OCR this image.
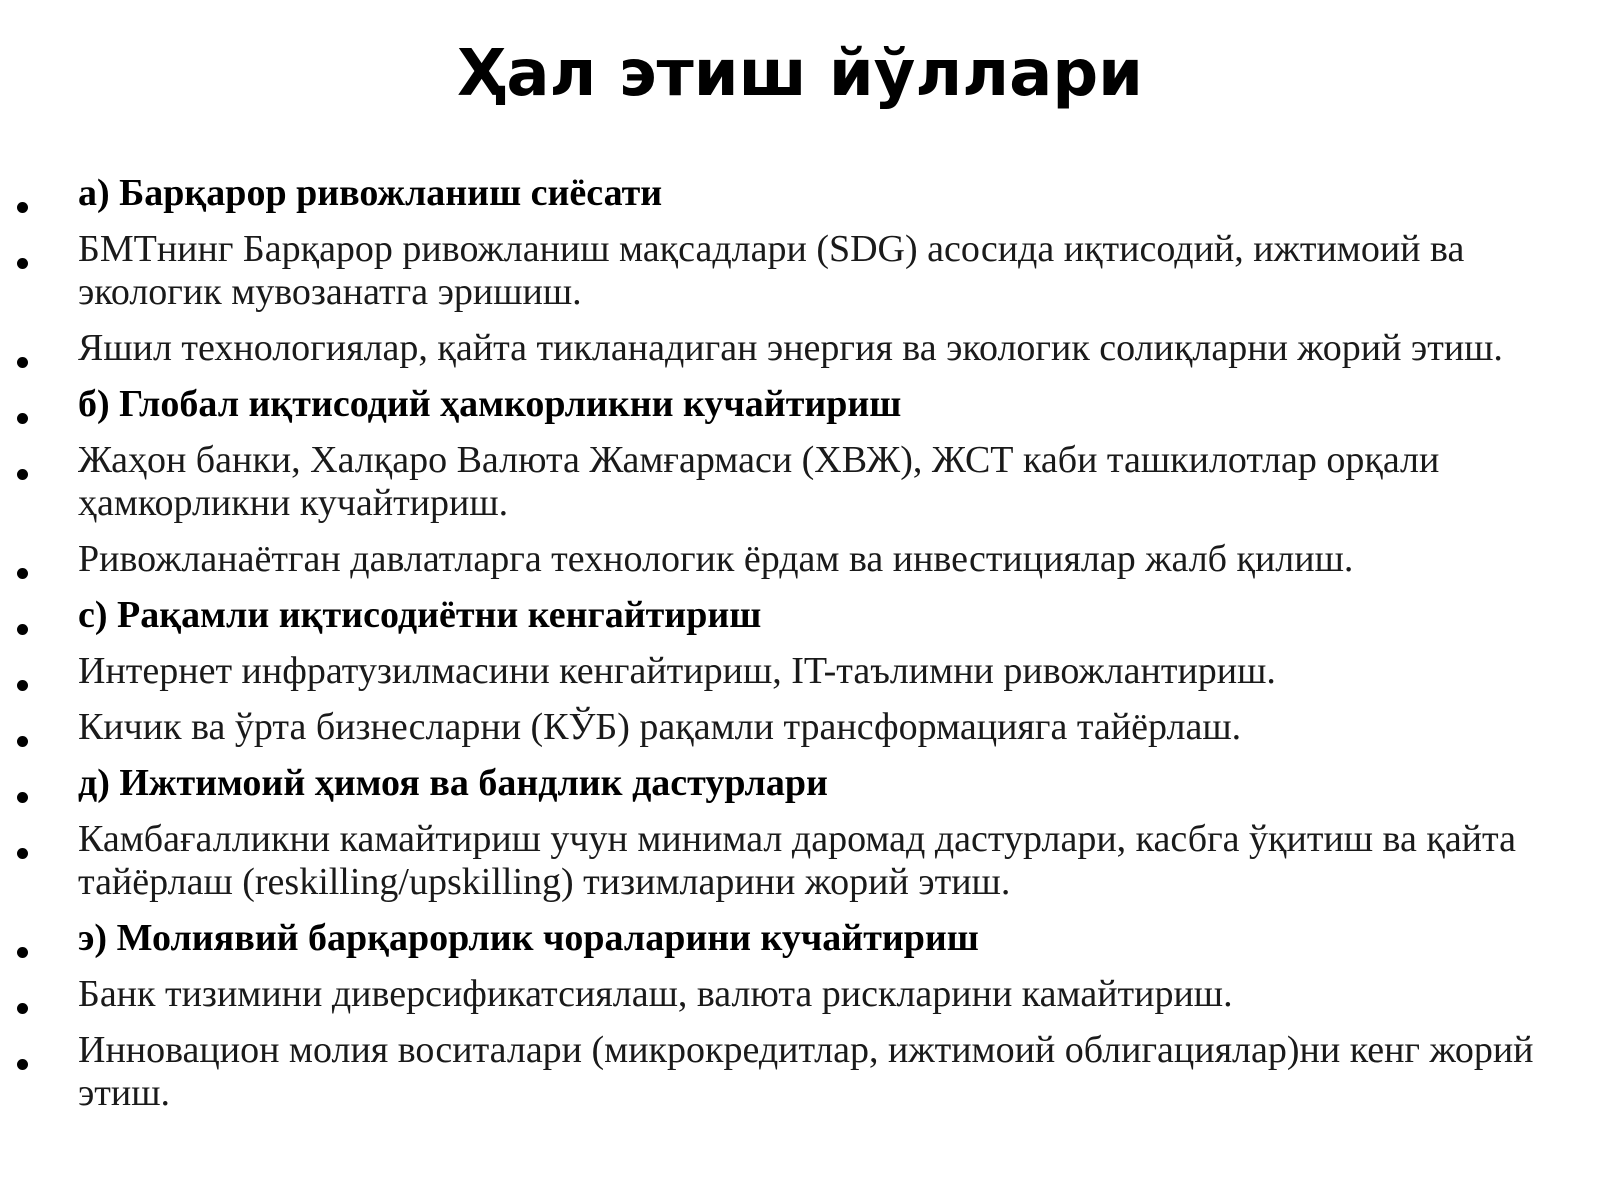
Ҳал этиш йўллари
а) Барқарор ривожланиш сиёсати
БМТнинг Барқарор ривожланиш мақсадлари (SDG) асосида иқтисодий, ижтимоий ва экологик мувозанатга эришиш.
Яшил технологиялар, қайта тикланадиган энергия ва экологик солиқларни жорий этиш.
б) Глобал иқтисодий ҳамкорликни кучайтириш
Жаҳон банки, Халқаро Валюта Жамғармаси (ХВЖ), ЖСТ каби ташкилотлар орқали ҳамкорликни кучайтириш.
Ривожланаётган давлатларга технологик ёрдам ва инвестициялар жалб қилиш.
c) Рақамли иқтисодиётни кенгайтириш
Интернет инфратузилмасини кенгайтириш, IT-таълимни ривожлантириш.
Кичик ва ўрта бизнесларни (КЎБ) рақамли трансформацияга тайёрлаш.
д) Ижтимоий ҳимоя ва бандлик дастурлари
Камбағалликни камайтириш учун минимал даромад дастурлари, касбга ўқитиш ва қайта тайёрлаш (reskilling/upskilling) тизимларини жорий этиш.
э) Молиявий барқарорлик чораларини кучайтириш
Банк тизимини диверсификатсиялаш, валюта рискларини камайтириш.
Инновацион молия воситалари (микрокредитлар, ижтимоий облигациялар)ни кенг жорий этиш.
